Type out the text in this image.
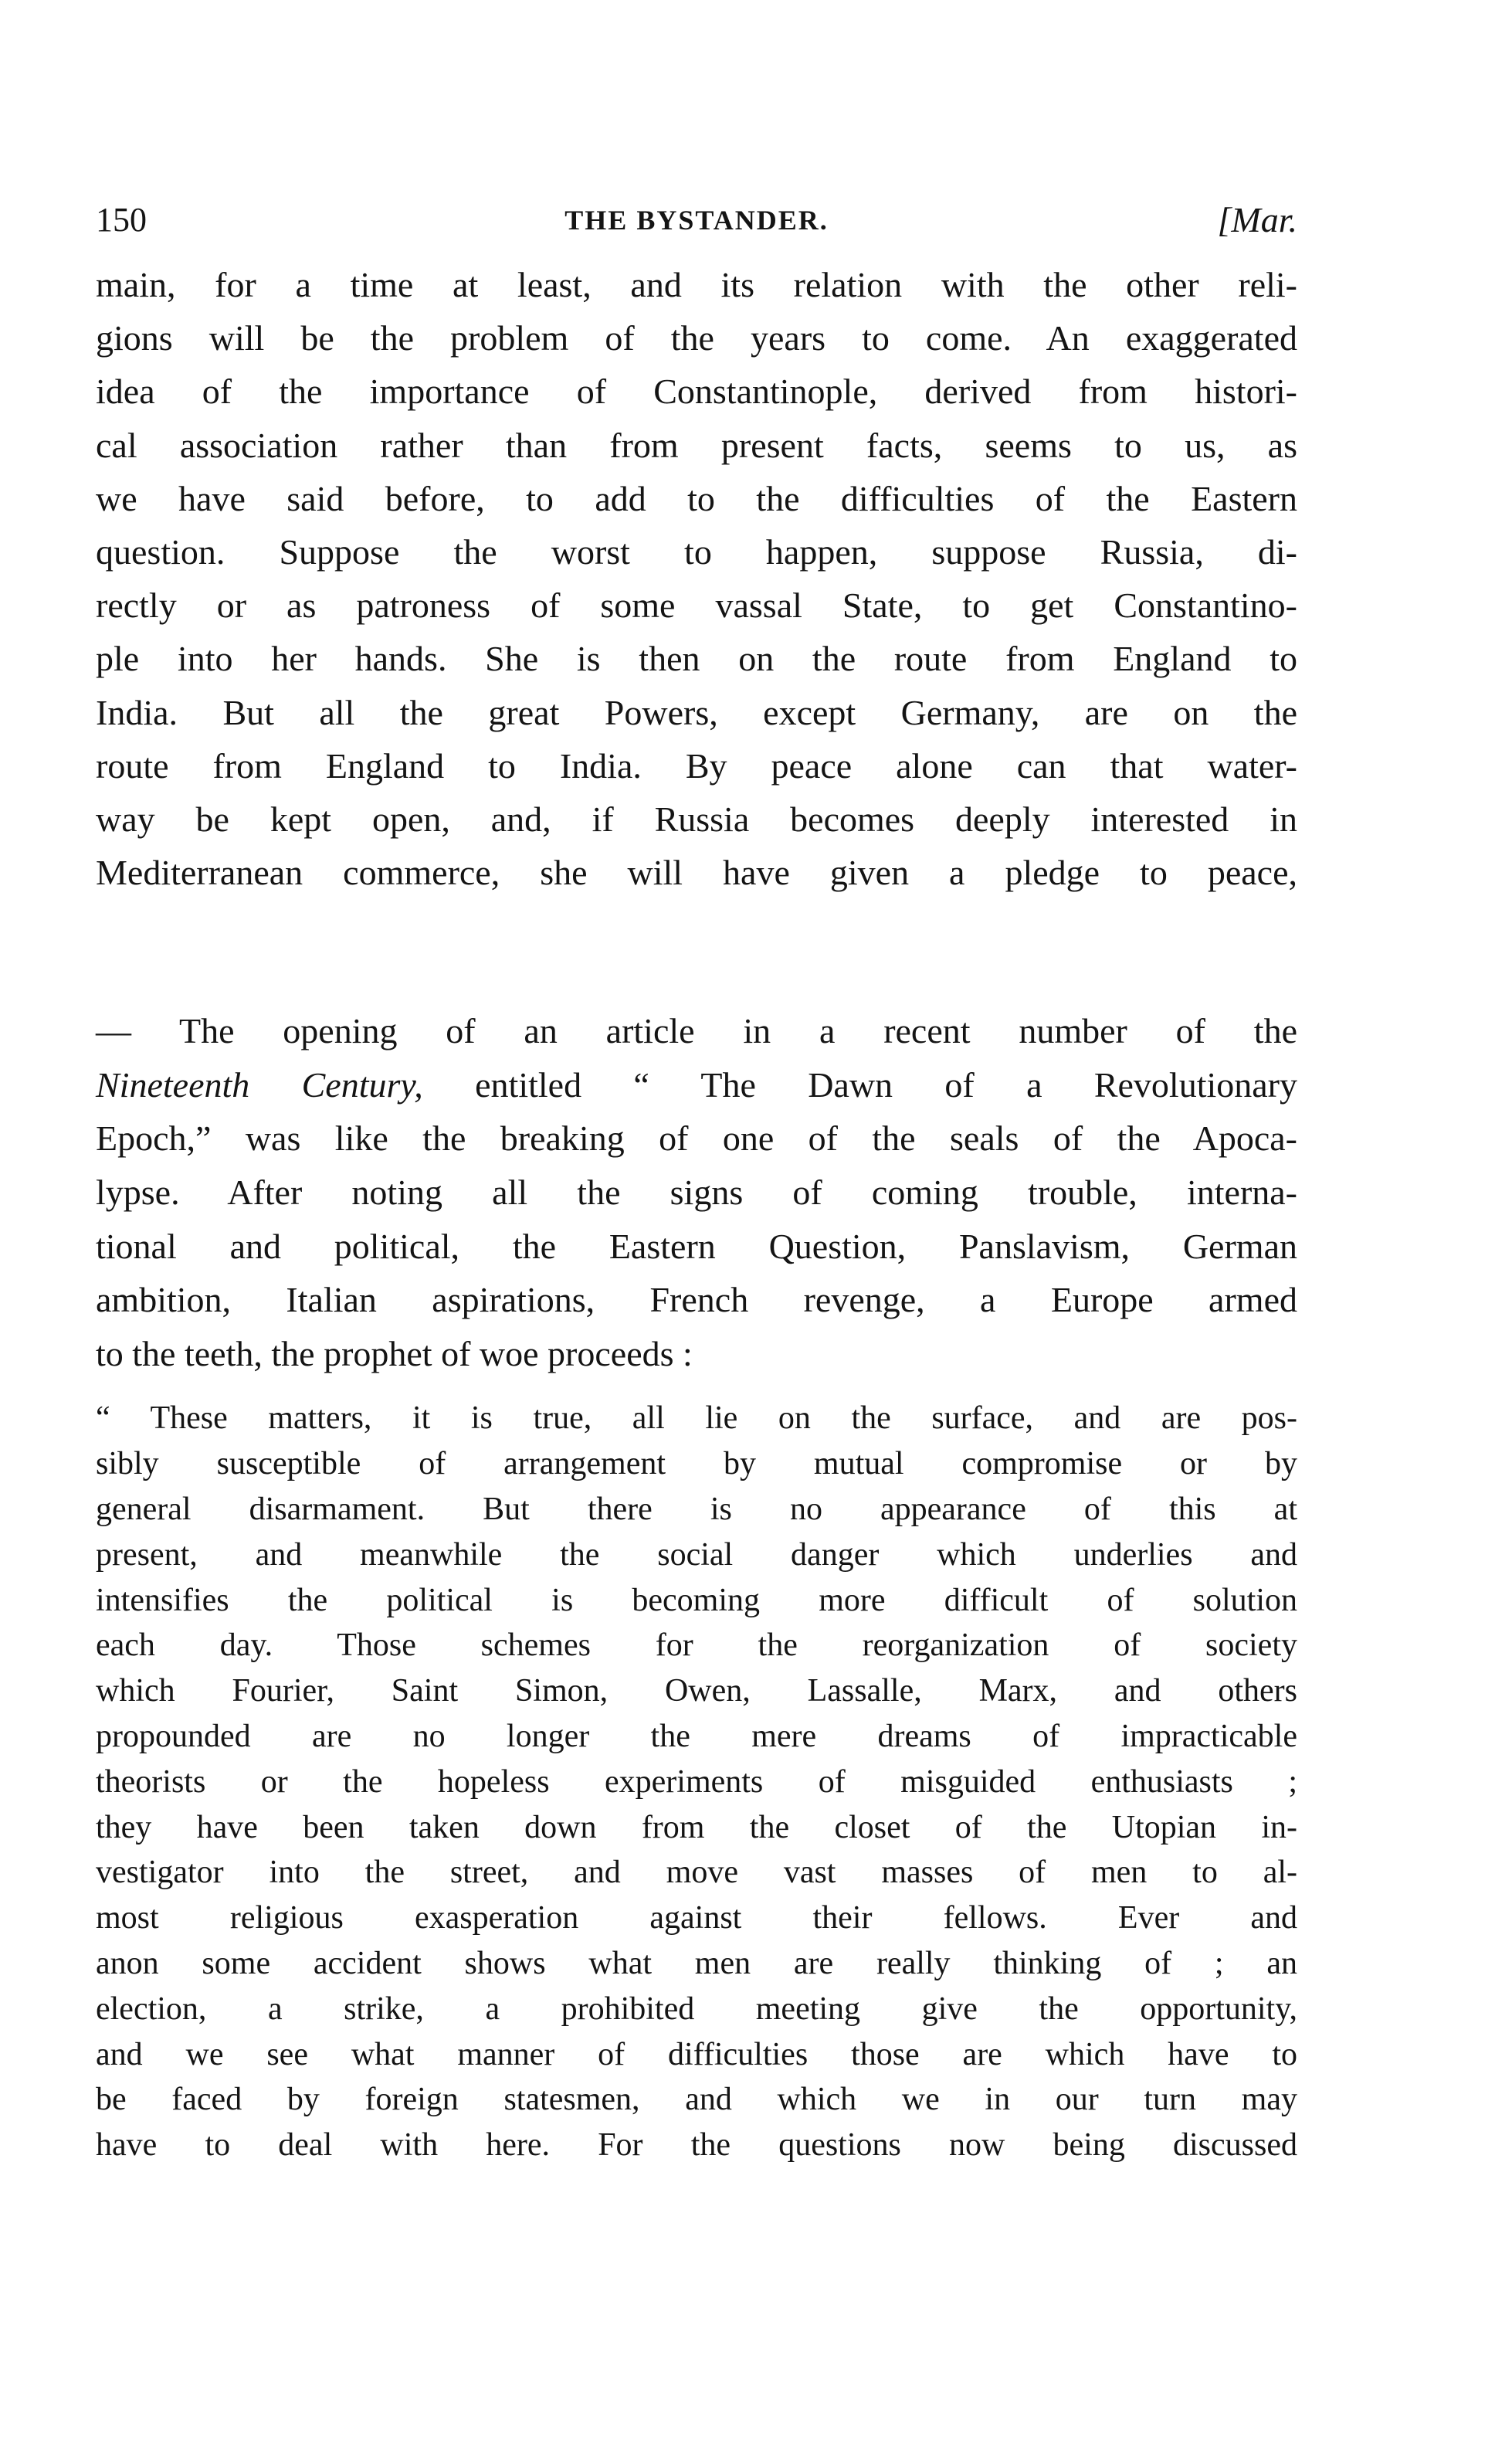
150	THE BYSTANDER.	[Mar.
main, for a time at least, and its relation with the other reli-
gions will be the problem of the years to come. An exaggerated
idea of the importance of Constantinople, derived from histori-
cal association rather than from present facts, seems to us, as
we have said before, to add to the difficulties of the Eastern
question. Suppose the worst to happen, suppose Russia, di-
rectly or as patroness of some vassal State, to get Constantino-
ple into her hands. She is then on the route from England to
India. But all the great Powers, except Germany, are on the
route from England to India. By peace alone can that water-
way be kept open, and, if Russia becomes deeply interested in
Mediterranean commerce, she will have given a pledge to peace,
— The opening of an article in a recent number of the
Nineteenth Century, entitled “ The Dawn of a Revolutionary
Epoch,” was like the breaking of one of the seals of the Apoca-
lypse. After noting all the signs of coming trouble, interna-
tional and political, the Eastern Question, Panslavism, German
ambition, Italian aspirations, French revenge, a Europe armed
to the teeth, the prophet of woe proceeds :
“ These matters, it is true, all lie on the surface, and are pos-
sibly susceptible of arrangement by mutual compromise or by
general disarmament. But there is no appearance of this at
present, and meanwhile the social danger which underlies and
intensifies the political is becoming more difficult of solution
each day. Those schemes for the reorganization of society
which Fourier, Saint Simon, Owen, Lassalle, Marx, and others
propounded are no longer the mere dreams of impracticable
theorists or the hopeless experiments of misguided enthusiasts ;
they have been taken down from the closet of the Utopian in-
vestigator into the street, and move vast masses of men to al-
most religious exasperation against their fellows. Ever and
anon some accident shows what men are really thinking of ; an
election, a strike, a prohibited meeting give the opportunity,
and we see what manner of difficulties those are which have to
be faced by foreign statesmen, and which we in our turn may
have to deal with here. For the questions now being discussed
